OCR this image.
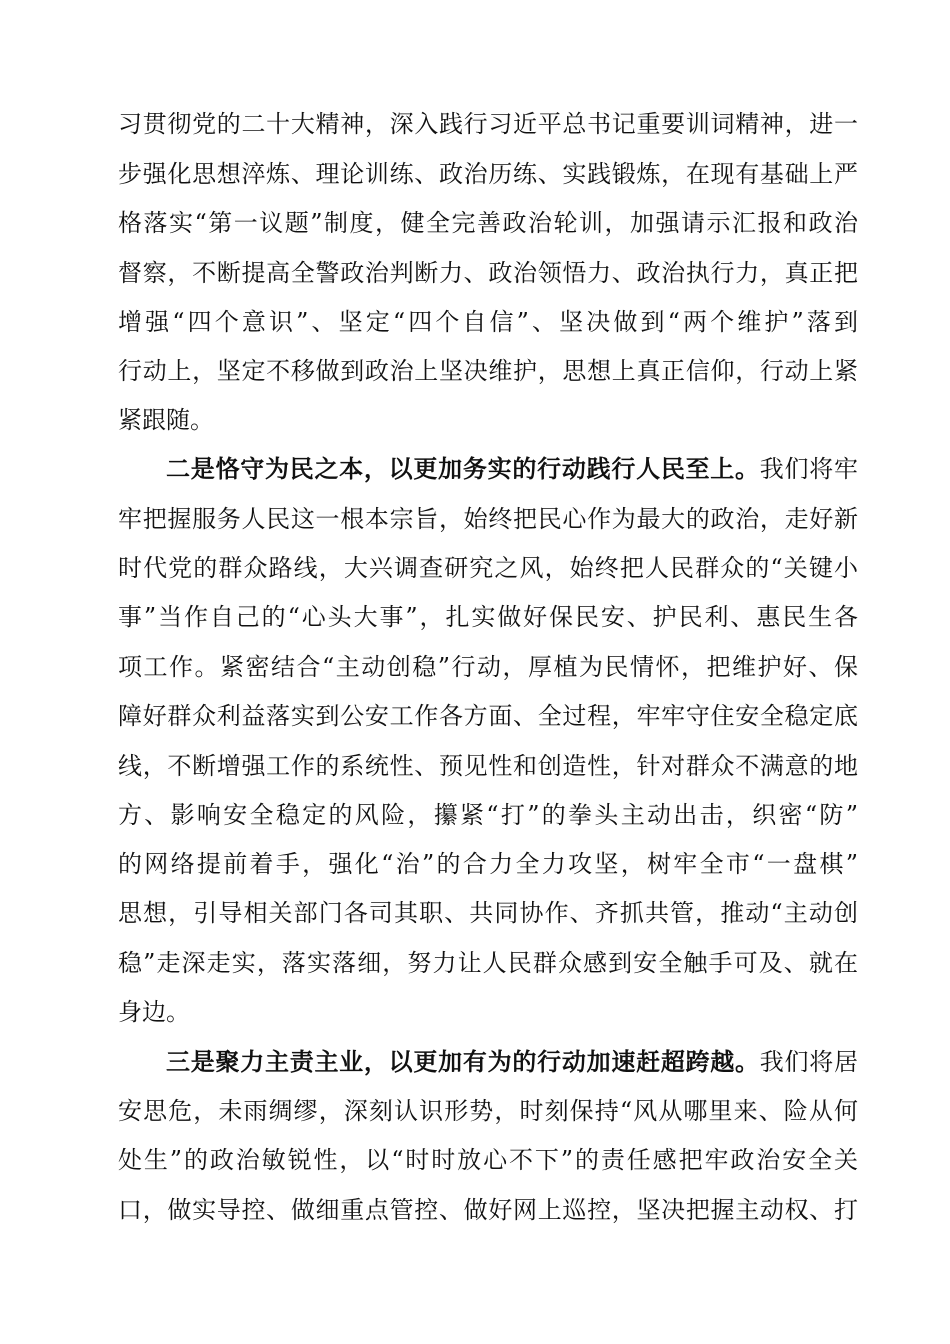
习贯彻党的二十大精神，深入践行习近平总书记重要训词精神，进一
步强化思想淬炼、理论训练、政治历练、实践锻炼，在现有基础上严
格落实“第一议题”制度，健全完善政治轮训，加强请示汇报和政治
督察，不断提高全警政治判断力、政治领悟力、政治执行力，真正把
增强“四个意识”、坚定“四个自信”、坚决做到“两个维护”落到
行动上，坚定不移做到政治上坚决维护，思想上真正信仰，行动上紧
紧跟随。
二是恪守为民之本，以更加务实的行动践行人民至上。我们将牢
牢把握服务人民这一根本宗旨，始终把民心作为最大的政治，走好新
时代党的群众路线，大兴调查研究之风，始终把人民群众的“关键小
事”当作自己的“心头大事”，扎实做好保民安、护民利、惠民生各
项工作。紧密结合“主动创稳”行动，厚植为民情怀，把维护好、保
障好群众利益落实到公安工作各方面、全过程，牢牢守住安全稳定底
线，不断增强工作的系统性、预见性和创造性，针对群众不满意的地
方、影响安全稳定的风险，攥紧“打”的拳头主动出击，织密“防”
的网络提前着手，强化“治”的合力全力攻坚，树牢全市“一盘棋”
思想，引导相关部门各司其职、共同协作、齐抓共管，推动“主动创
稳”走深走实，落实落细，努力让人民群众感到安全触手可及、就在
身边。
三是聚力主责主业，以更加有为的行动加速赶超跨越。我们将居
安思危，未雨绸缪，深刻认识形势，时刻保持“风从哪里来、险从何
处生”的政治敏锐性，以“时时放心不下”的责任感把牢政治安全关
口，做实导控、做细重点管控、做好网上巡控，坚决把握主动权、打
